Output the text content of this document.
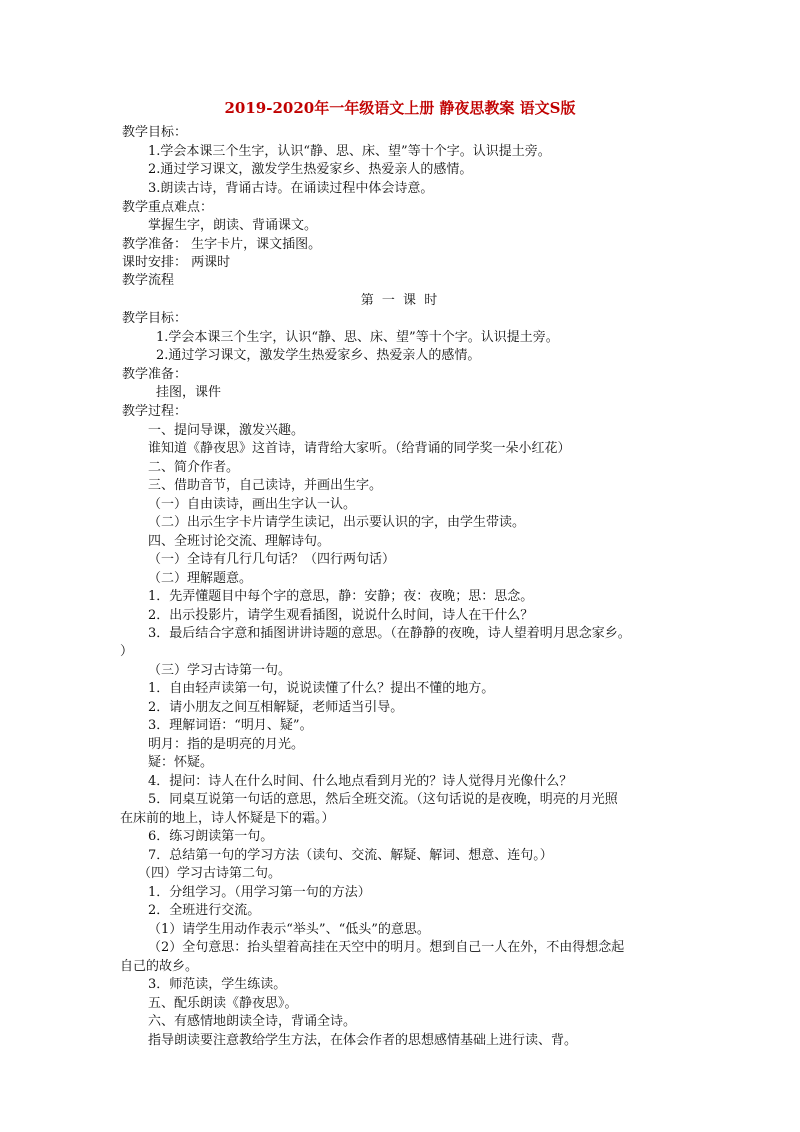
2019-2020年一年级语文上册 静夜思教案 语文S版
教学目标：
1.学会本课三个生字，认识“静、思、床、望”等十个字。认识提土旁。
2.通过学习课文，激发学生热爱家乡、热爱亲人的感情。
3.朗读古诗，背诵古诗。在诵读过程中体会诗意。
教学重点难点：
掌握生字，朗读、背诵课文。
教学准备： 生字卡片，课文插图。
课时安排： 两课时
教学流程
第 一 课 时
教学目标：
1.学会本课三个生字，认识“静、思、床、望”等十个字。认识提土旁。
2.通过学习课文，激发学生热爱家乡、热爱亲人的感情。
教学准备：
挂图，课件
教学过程：
一、提问导课，激发兴趣。
谁知道《静夜思》这首诗，请背给大家听。（给背诵的同学奖一朵小红花）
二、简介作者。
三、借助音节，自己读诗，并画出生字。
（一）自由读诗，画出生字认一认。
（二）出示生字卡片请学生读记，出示要认识的字，由学生带读。
四、全班讨论交流、理解诗句。
（一）全诗有几行几句话？（四行两句话）
（二）理解题意。
1．先弄懂题目中每个字的意思，静：安静；夜：夜晚；思：思念。
2．出示投影片，请学生观看插图，说说什么时间，诗人在干什么？
3．最后结合字意和插图讲讲诗题的意思。（在静静的夜晚，诗人望着明月思念家乡。
）
（三）学习古诗第一句。
1．自由轻声读第一句，说说读懂了什么？提出不懂的地方。
2．请小朋友之间互相解疑，老师适当引导。
3．理解词语：“明月、疑”。
明月：指的是明亮的月光。
疑：怀疑。
4．提问：诗人在什么时间、什么地点看到月光的？诗人觉得月光像什么？
5．同桌互说第一句话的意思，然后全班交流。（这句话说的是夜晚，明亮的月光照
在床前的地上，诗人怀疑是下的霜。）
6．练习朗读第一句。
7．总结第一句的学习方法（读句、交流、解疑、解词、想意、连句。）
（四）学习古诗第二句。
1．分组学习。（用学习第一句的方法）
2．全班进行交流。
（1）请学生用动作表示“举头”、“低头”的意思。
（2）全句意思：抬头望着高挂在天空中的明月。想到自己一人在外，不由得想念起
自己的故乡。
3．师范读，学生练读。
五、配乐朗读《静夜思》。
六、有感情地朗读全诗，背诵全诗。
指导朗读要注意教给学生方法，在体会作者的思想感情基础上进行读、背。
